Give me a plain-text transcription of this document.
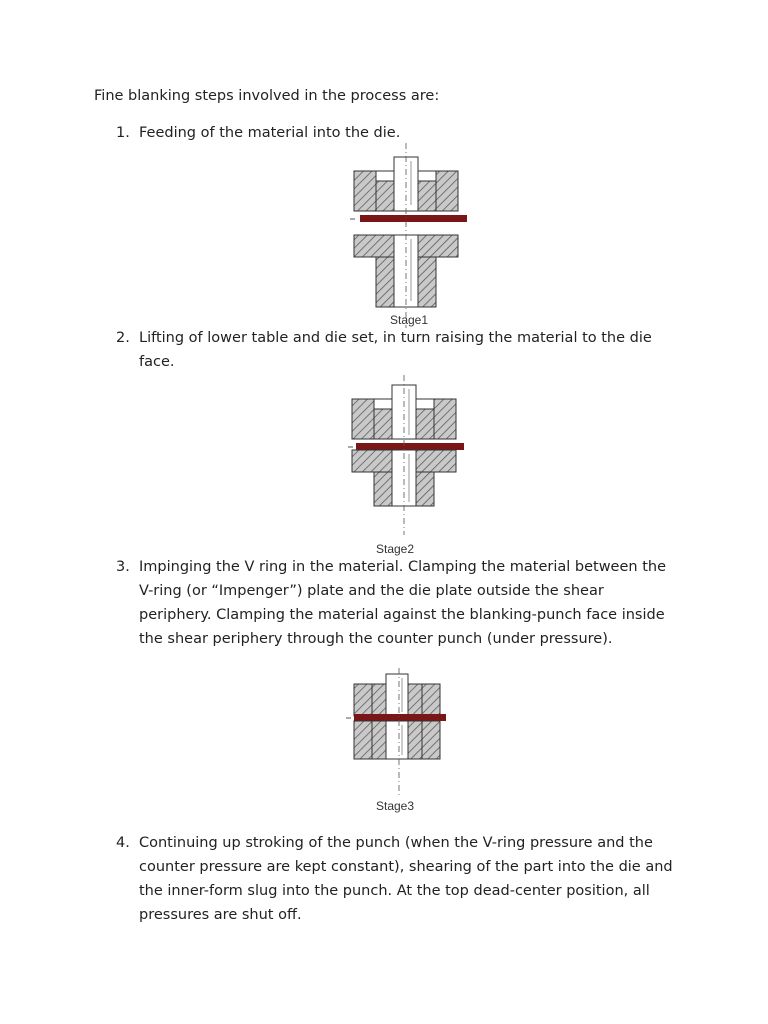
Fine blanking steps involved in the process are:
1. Feeding of the material into the die.
Stage1
2. Lifting of lower table and die set, in turn raising the material to the die face.
Stage2
3. Impinging the V ring in the material. Clamping the material between the V-ring (or “Impenger”) plate and the die plate outside the shear periphery. Clamping the material against the blanking-punch face inside the shear periphery through the counter punch (under pressure).
Stage3
4. Continuing up stroking of the punch (when the V-ring pressure and the counter pressure are kept constant), shearing of the part into the die and the inner-form slug into the punch. At the top dead-center position, all pressures are shut off.
